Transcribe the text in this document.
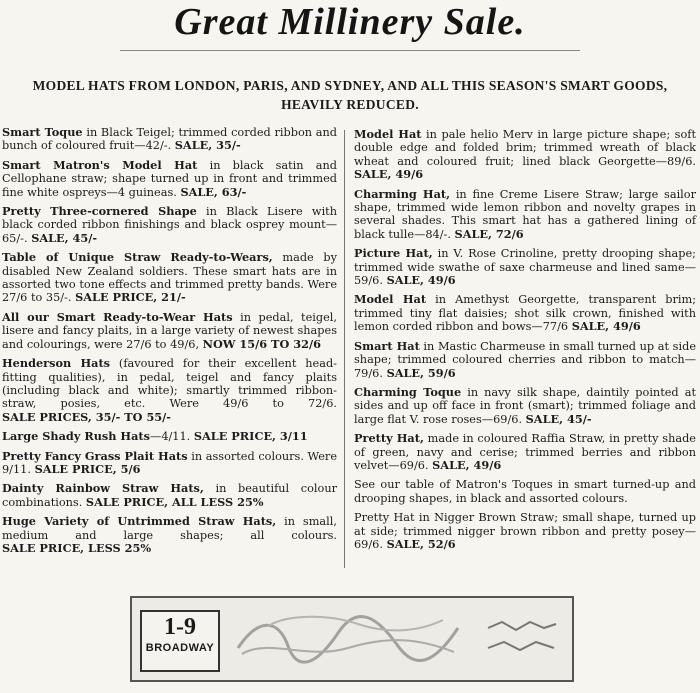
Great Millinery Sale.
MODEL HATS FROM LONDON, PARIS, AND SYDNEY, AND ALL THIS SEASON'S SMART GOODS, HEAVILY REDUCED.
Smart Toque in Black Teigel; trimmed corded ribbon and bunch of coloured fruit—42/-. SALE, 35/-
Smart Matron's Model Hat in black satin and Cellophane straw; shape turned up in front and trimmed fine white ospreys—4 guineas. SALE, 63/-
Pretty Three-cornered Shape in Black Lisere with black corded ribbon finishings and black osprey mount—65/-. SALE, 45/-
Table of Unique Straw Ready-to-Wears, made by disabled New Zealand soldiers. These smart hats are in assorted two tone effects and trimmed pretty bands. Were 27/6 to 35/-. SALE PRICE, 21/-
All our Smart Ready-to-Wear Hats in pedal, teigel, lisere and fancy plaits, in a large variety of newest shapes and colourings, were 27/6 to 49/6, NOW 15/6 TO 32/6
Henderson Hats (favoured for their excellent head-fitting qualities), in pedal, teigel and fancy plaits (including black and white); smartly trimmed ribbon-straw, posies, etc. Were 49/6 to 72/6. SALE PRICES, 35/- TO 55/-
Large Shady Rush Hats—4/11. SALE PRICE, 3/11
Pretty Fancy Grass Plait Hats in assorted colours. Were 9/11. SALE PRICE, 5/6
Dainty Rainbow Straw Hats, in beautiful colour combinations. SALE PRICE, ALL LESS 25%
Huge Variety of Untrimmed Straw Hats, in small, medium and large shapes; all colours. SALE PRICE, LESS 25%
Model Hat in pale helio Merv in large picture shape; soft double edge and folded brim; trimmed wreath of black wheat and coloured fruit; lined black Georgette—89/6. SALE, 49/6
Charming Hat, in fine Creme Lisere Straw; large sailor shape, trimmed wide lemon ribbon and novelty grapes in several shades. This smart hat has a gathered lining of black tulle—84/-. SALE, 72/6
Picture Hat, in V. Rose Crinoline, pretty drooping shape; trimmed wide swathe of saxe charmeuse and lined same—59/6. SALE, 49/6
Model Hat in Amethyst Georgette, transparent brim; trimmed tiny flat daisies; shot silk crown, finished with lemon corded ribbon and bows—77/6 SALE, 49/6
Smart Hat in Mastic Charmeuse in small turned up at side shape; trimmed coloured cherries and ribbon to match—79/6. SALE, 59/6
Charming Toque in navy silk shape, daintily pointed at sides and up off face in front (smart); trimmed foliage and large flat V. rose roses—69/6. SALE, 45/-
Pretty Hat, made in coloured Raffia Straw, in pretty shade of green, navy and cerise; trimmed berries and ribbon velvet—69/6. SALE, 49/6
See our table of Matron's Toques in smart turned-up and drooping shapes, in black and assorted colours.
Pretty Hat in Nigger Brown Straw; small shape, turned up at side; trimmed nigger brown ribbon and pretty posey—69/6. SALE, 52/6
1-9
BROADWAY
